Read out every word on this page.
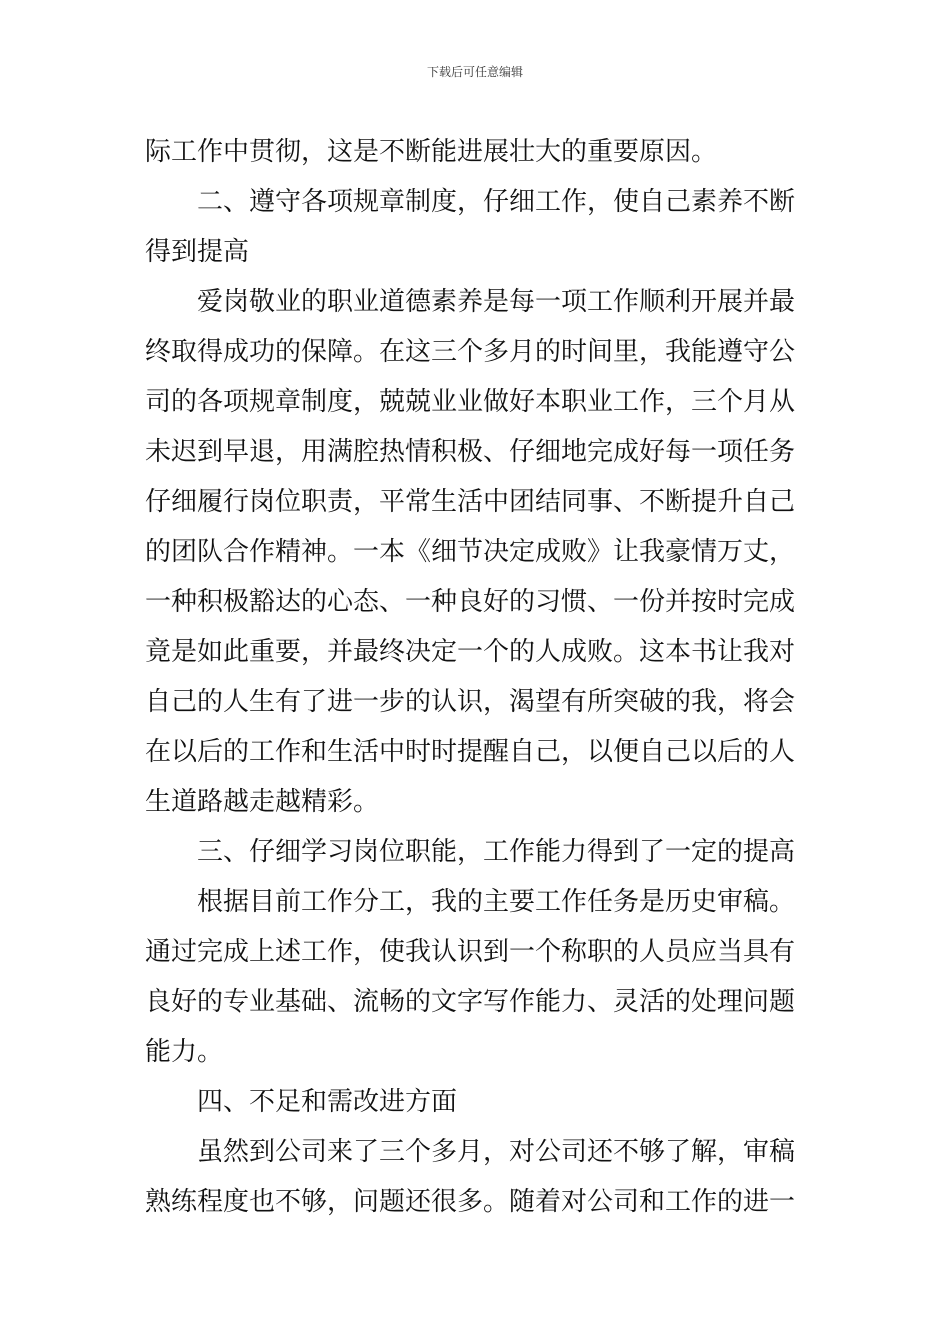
下载后可任意编辑
际工作中贯彻，这是不断能进展壮大的重要原因。
二、遵守各项规章制度，仔细工作，使自己素养不断
得到提高
爱岗敬业的职业道德素养是每一项工作顺利开展并最
终取得成功的保障。在这三个多月的时间里，我能遵守公
司的各项规章制度，兢兢业业做好本职业工作，三个月从
未迟到早退，用满腔热情积极、仔细地完成好每一项任务
仔细履行岗位职责，平常生活中团结同事、不断提升自己
的团队合作精神。一本《细节决定成败》让我豪情万丈，
一种积极豁达的心态、一种良好的习惯、一份并按时完成
竟是如此重要，并最终决定一个的人成败。这本书让我对
自己的人生有了进一步的认识，渴望有所突破的我，将会
在以后的工作和生活中时时提醒自己，以便自己以后的人
生道路越走越精彩。
三、仔细学习岗位职能，工作能力得到了一定的提高
根据目前工作分工，我的主要工作任务是历史审稿。
通过完成上述工作，使我认识到一个称职的人员应当具有
良好的专业基础、流畅的文字写作能力、灵活的处理问题
能力。
四、不足和需改进方面
虽然到公司来了三个多月，对公司还不够了解，审稿
熟练程度也不够，问题还很多。随着对公司和工作的进一
